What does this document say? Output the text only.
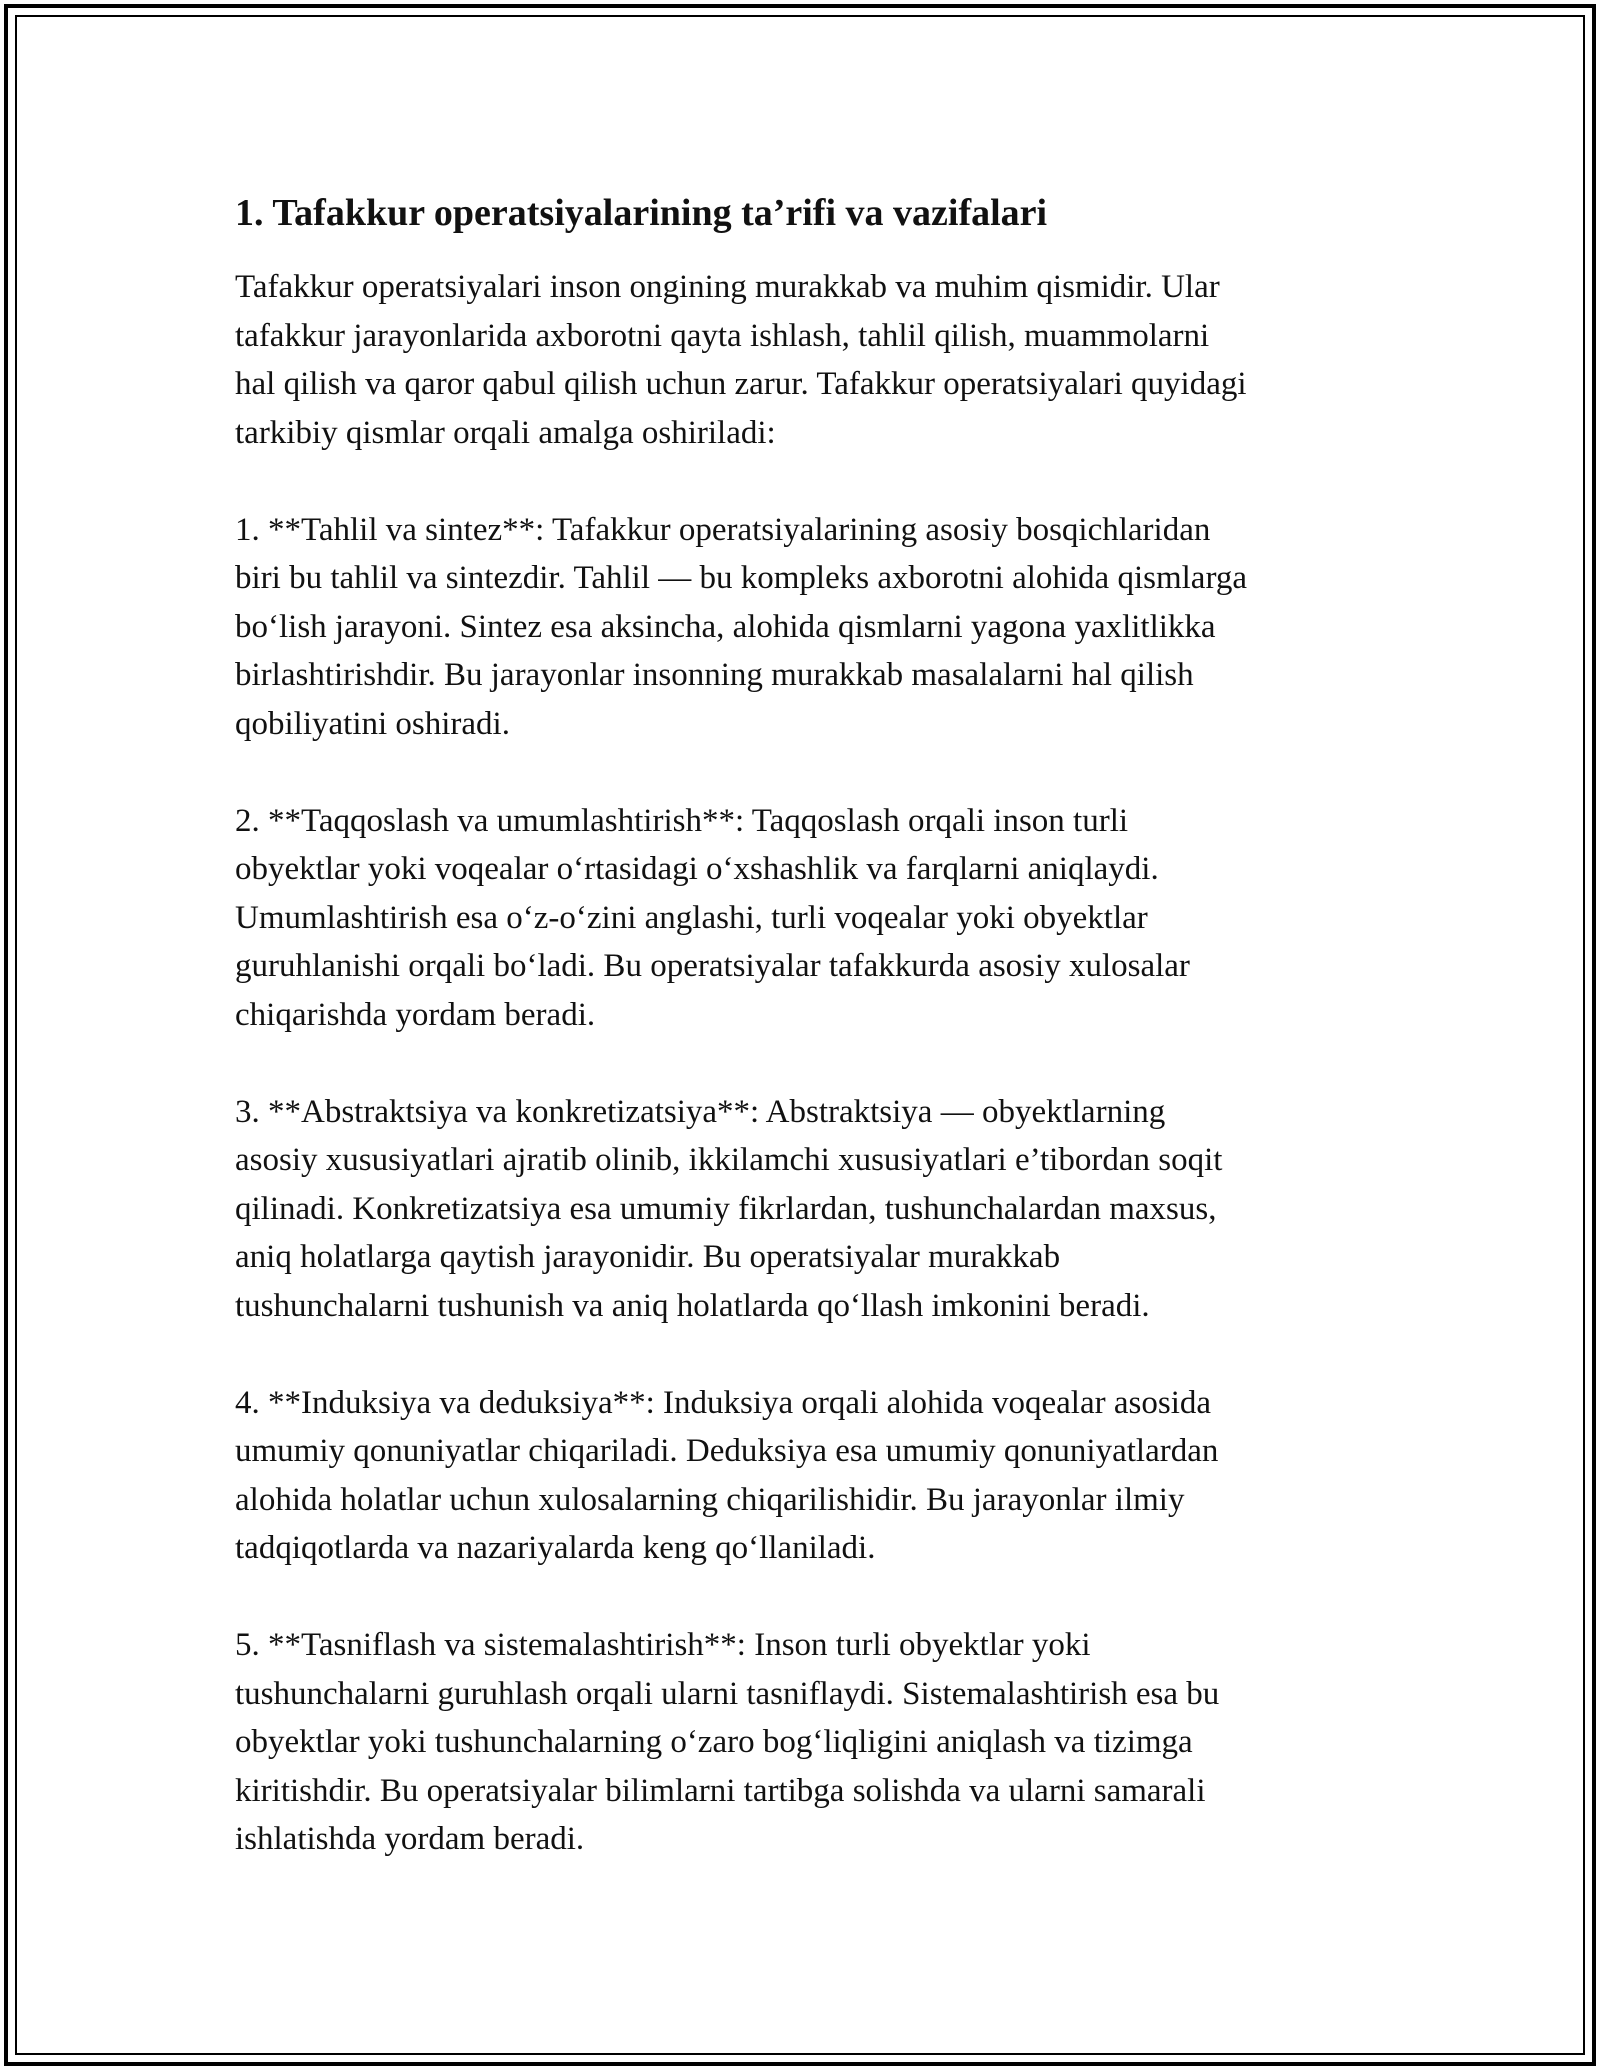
1. Tafakkur operatsiyalarining ta’rifi va vazifalari
Tafakkur operatsiyalari inson ongining murakkab va muhim qismidir. Ular
tafakkur jarayonlarida axborotni qayta ishlash, tahlil qilish, muammolarni
hal qilish va qaror qabul qilish uchun zarur. Tafakkur operatsiyalari quyidagi
tarkibiy qismlar orqali amalga oshiriladi:
1. **Tahlil va sintez**: Tafakkur operatsiyalarining asosiy bosqichlaridan
biri bu tahlil va sintezdir. Tahlil — bu kompleks axborotni alohida qismlarga
bo‘lish jarayoni. Sintez esa aksincha, alohida qismlarni yagona yaxlitlikka
birlashtirishdir. Bu jarayonlar insonning murakkab masalalarni hal qilish
qobiliyatini oshiradi.
2. **Taqqoslash va umumlashtirish**: Taqqoslash orqali inson turli
obyektlar yoki voqealar o‘rtasidagi o‘xshashlik va farqlarni aniqlaydi.
Umumlashtirish esa o‘z-o‘zini anglashi, turli voqealar yoki obyektlar
guruhlanishi orqali bo‘ladi. Bu operatsiyalar tafakkurda asosiy xulosalar
chiqarishda yordam beradi.
3. **Abstraktsiya va konkretizatsiya**: Abstraktsiya — obyektlarning
asosiy xususiyatlari ajratib olinib, ikkilamchi xususiyatlari e’tibordan soqit
qilinadi. Konkretizatsiya esa umumiy fikrlardan, tushunchalardan maxsus,
aniq holatlarga qaytish jarayonidir. Bu operatsiyalar murakkab
tushunchalarni tushunish va aniq holatlarda qo‘llash imkonini beradi.
4. **Induksiya va deduksiya**: Induksiya orqali alohida voqealar asosida
umumiy qonuniyatlar chiqariladi. Deduksiya esa umumiy qonuniyatlardan
alohida holatlar uchun xulosalarning chiqarilishidir. Bu jarayonlar ilmiy
tadqiqotlarda va nazariyalarda keng qo‘llaniladi.
5. **Tasniflash va sistemalashtirish**: Inson turli obyektlar yoki
tushunchalarni guruhlash orqali ularni tasniflaydi. Sistemalashtirish esa bu
obyektlar yoki tushunchalarning o‘zaro bog‘liqligini aniqlash va tizimga
kiritishdir. Bu operatsiyalar bilimlarni tartibga solishda va ularni samarali
ishlatishda yordam beradi.
